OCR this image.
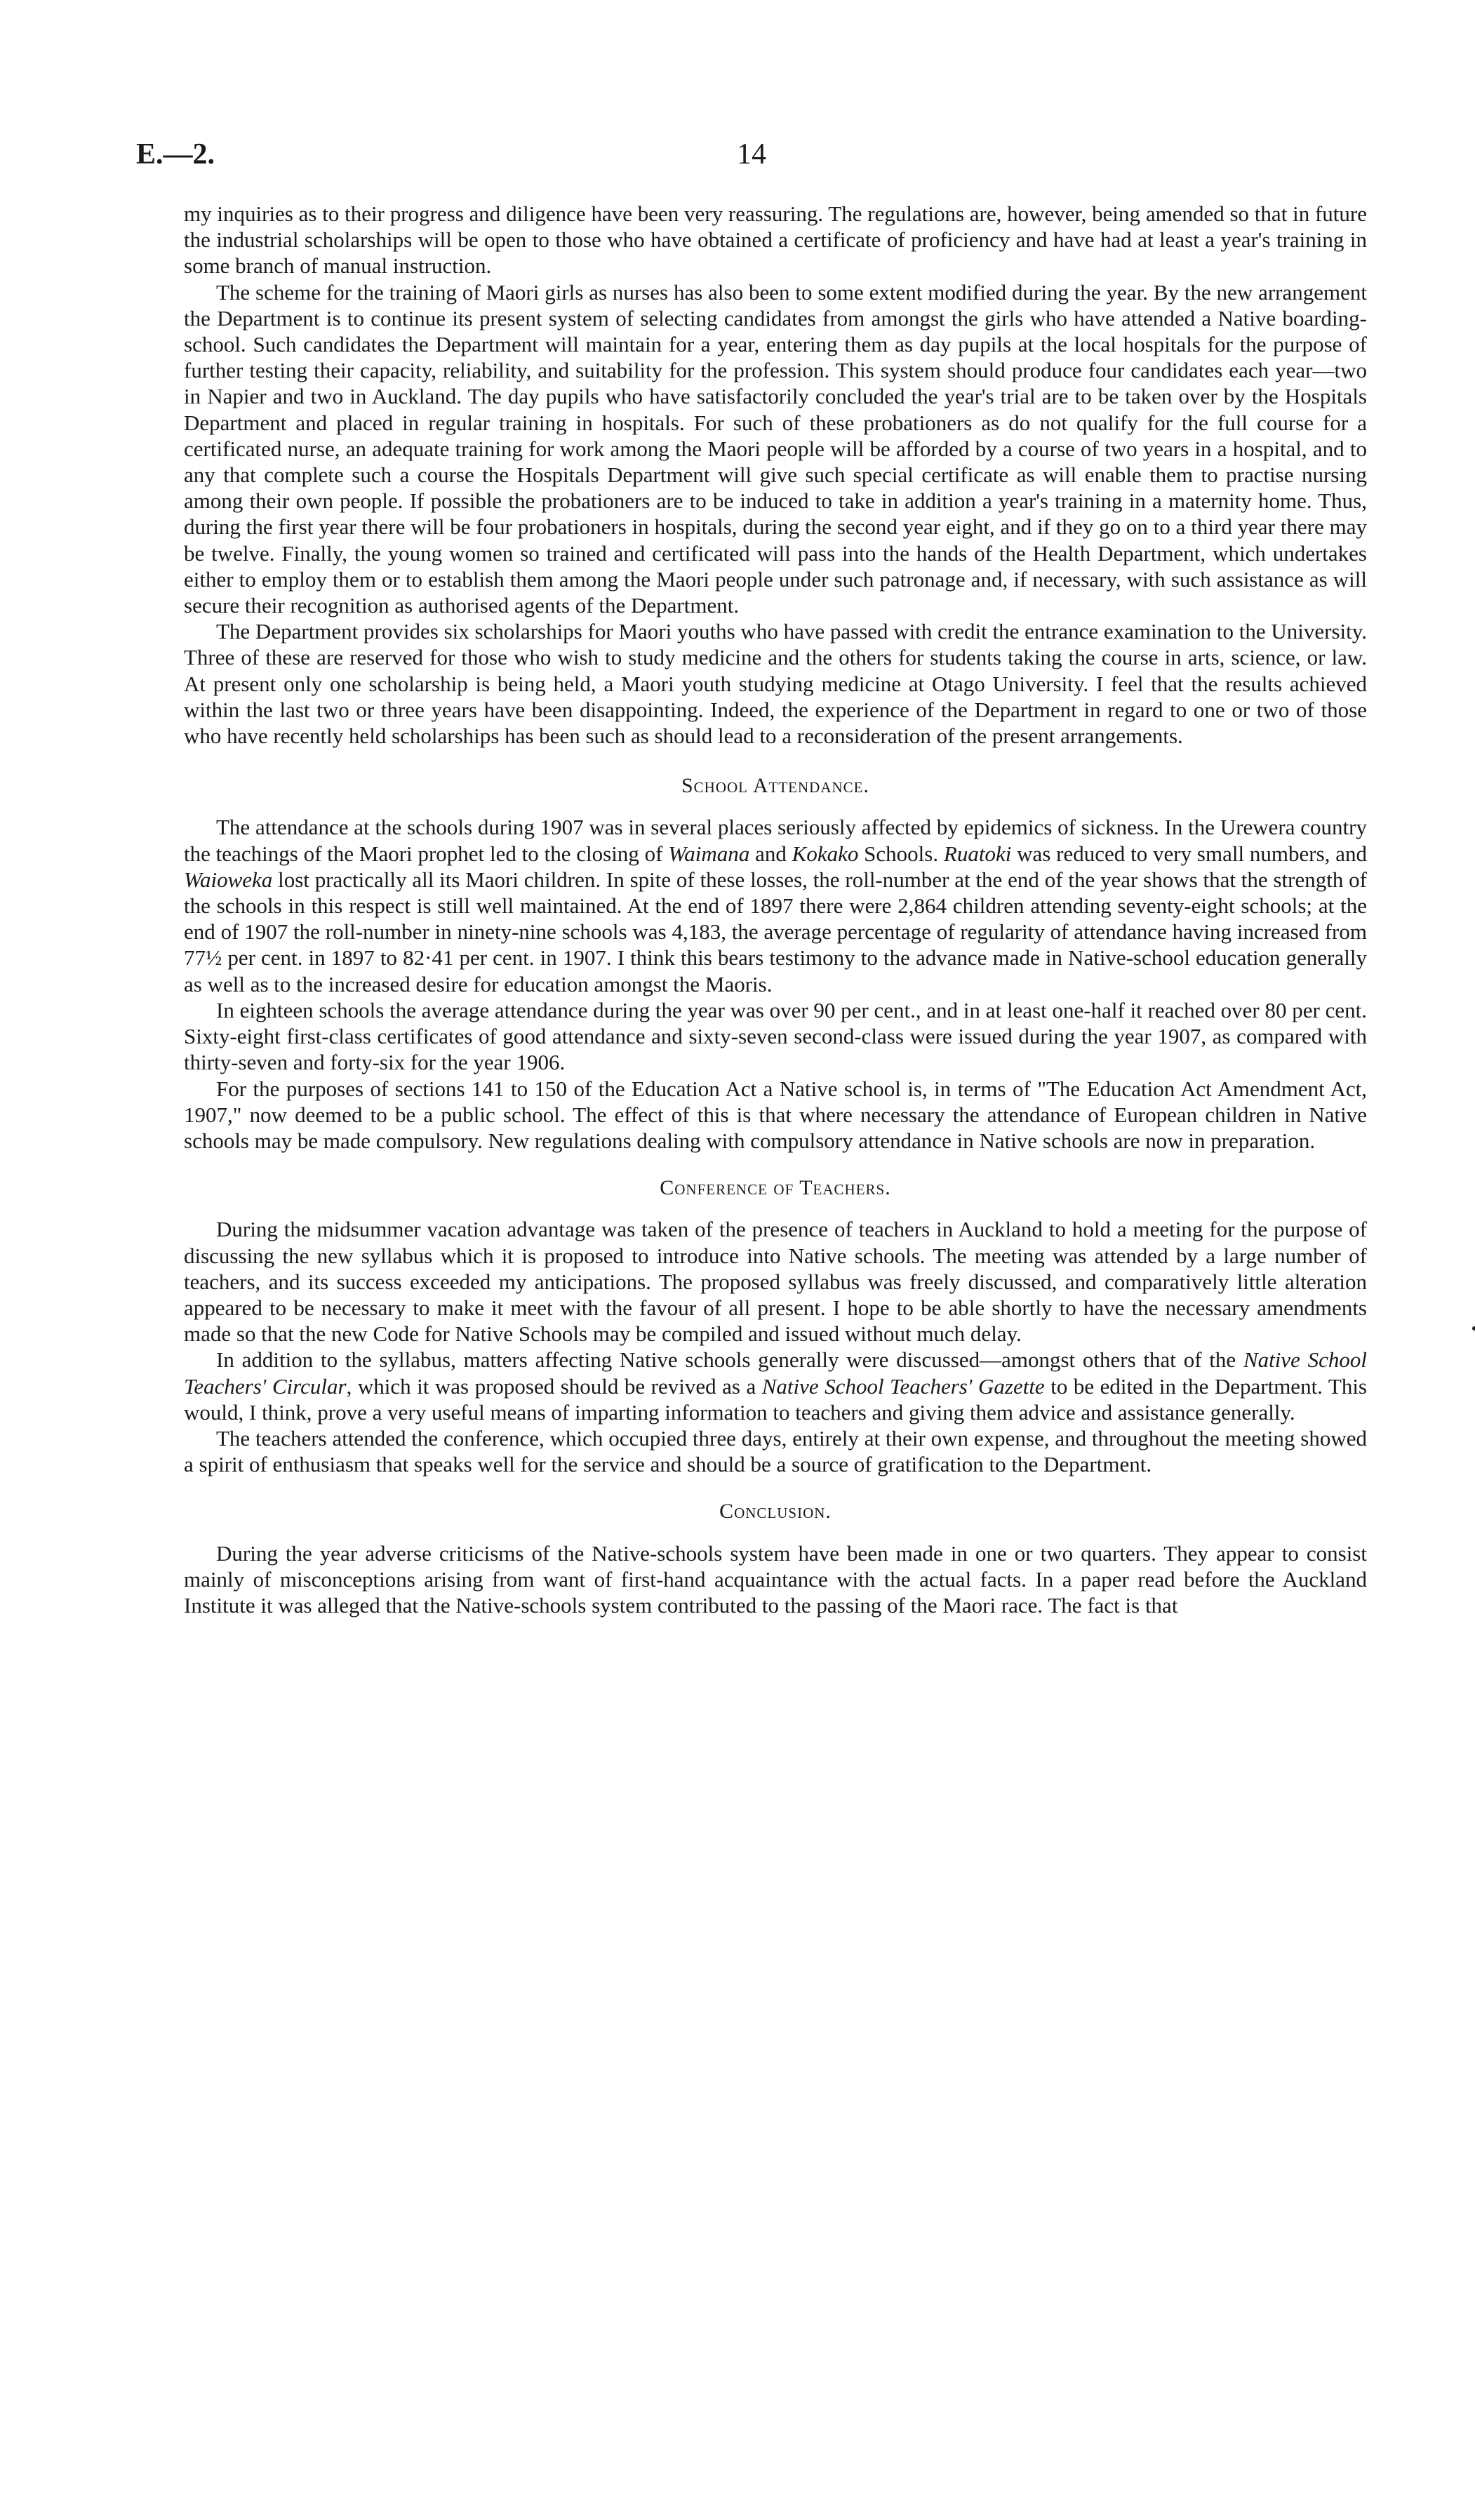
E.—2.	14

my inquiries as to their progress and diligence have been very reassuring. The regulations are, however, being amended so that in future the industrial scholarships will be open to those who have obtained a certificate of proficiency and have had at least a year's training in some branch of manual instruction.

The scheme for the training of Maori girls as nurses has also been to some extent modified during the year. By the new arrangement the Department is to continue its present system of selecting candidates from amongst the girls who have attended a Native boarding-school. Such candidates the Department will maintain for a year, entering them as day pupils at the local hospitals for the purpose of further testing their capacity, reliability, and suitability for the profession. This system should produce four candidates each year—two in Napier and two in Auckland. The day pupils who have satisfactorily concluded the year's trial are to be taken over by the Hospitals Department and placed in regular training in hospitals. For such of these probationers as do not qualify for the full course for a certificated nurse, an adequate training for work among the Maori people will be afforded by a course of two years in a hospital, and to any that complete such a course the Hospitals Department will give such special certificate as will enable them to practise nursing among their own people. If possible the probationers are to be induced to take in addition a year's training in a maternity home. Thus, during the first year there will be four probationers in hospitals, during the second year eight, and if they go on to a third year there may be twelve. Finally, the young women so trained and certificated will pass into the hands of the Health Department, which undertakes either to employ them or to establish them among the Maori people under such patronage and, if necessary, with such assistance as will secure their recognition as authorised agents of the Department.

The Department provides six scholarships for Maori youths who have passed with credit the entrance examination to the University. Three of these are reserved for those who wish to study medicine and the others for students taking the course in arts, science, or law. At present only one scholarship is being held, a Maori youth studying medicine at Otago University. I feel that the results achieved within the last two or three years have been disappointing. Indeed, the experience of the Department in regard to one or two of those who have recently held scholarships has been such as should lead to a reconsideration of the present arrangements.

School Attendance.

The attendance at the schools during 1907 was in several places seriously affected by epidemics of sickness. In the Urewera country the teachings of the Maori prophet led to the closing of Waimana and Kokako Schools. Ruatoki was reduced to very small numbers, and Waioweka lost practically all its Maori children. In spite of these losses, the roll-number at the end of the year shows that the strength of the schools in this respect is still well maintained. At the end of 1897 there were 2,864 children attending seventy-eight schools; at the end of 1907 the roll-number in ninety-nine schools was 4,183, the average percentage of regularity of attendance having increased from 77½ per cent. in 1897 to 82·41 per cent. in 1907. I think this bears testimony to the advance made in Native-school education generally as well as to the increased desire for education amongst the Maoris.

In eighteen schools the average attendance during the year was over 90 per cent., and in at least one-half it reached over 80 per cent. Sixty-eight first-class certificates of good attendance and sixty-seven second-class were issued during the year 1907, as compared with thirty-seven and forty-six for the year 1906.

For the purposes of sections 141 to 150 of the Education Act a Native school is, in terms of "The Education Act Amendment Act, 1907," now deemed to be a public school. The effect of this is that where necessary the attendance of European children in Native schools may be made compulsory. New regulations dealing with compulsory attendance in Native schools are now in preparation.

Conference of Teachers.

During the midsummer vacation advantage was taken of the presence of teachers in Auckland to hold a meeting for the purpose of discussing the new syllabus which it is proposed to introduce into Native schools. The meeting was attended by a large number of teachers, and its success exceeded my anticipations. The proposed syllabus was freely discussed, and comparatively little alteration appeared to be necessary to make it meet with the favour of all present. I hope to be able shortly to have the necessary amendments made so that the new Code for Native Schools may be compiled and issued without much delay.

In addition to the syllabus, matters affecting Native schools generally were discussed—amongst others that of the Native School Teachers' Circular, which it was proposed should be revived as a Native School Teachers' Gazette to be edited in the Department. This would, I think, prove a very useful means of imparting information to teachers and giving them advice and assistance generally.

The teachers attended the conference, which occupied three days, entirely at their own expense, and throughout the meeting showed a spirit of enthusiasm that speaks well for the service and should be a source of gratification to the Department.

Conclusion.

During the year adverse criticisms of the Native-schools system have been made in one or two quarters. They appear to consist mainly of misconceptions arising from want of first-hand acquaintance with the actual facts. In a paper read before the Auckland Institute it was alleged that the Native-schools system contributed to the passing of the Maori race. The fact is that
